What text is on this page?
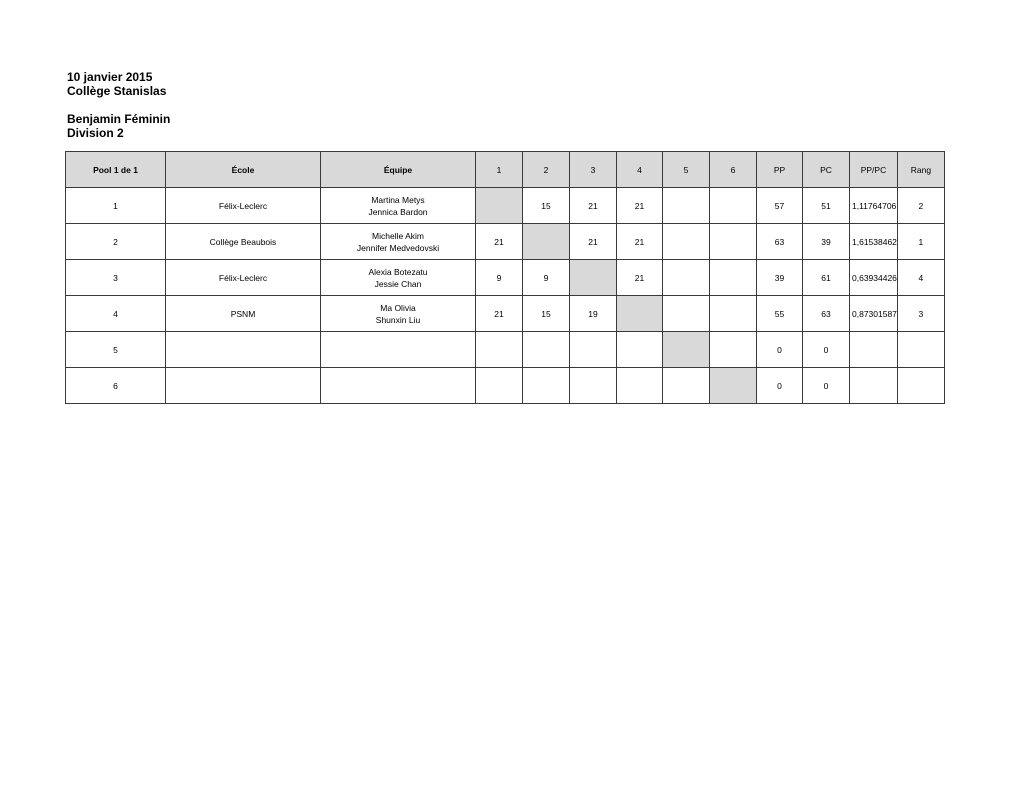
10 janvier 2015
Collège Stanislas
Benjamin Féminin
Division 2
Pool 1 de 1	École	Équipe	1	2	3	4	5	6	PP	PC	PP/PC	Rang
1	Félix-Leclerc	Martina Metys
Jennica Bardon		15	21	21			57	51	1,11764706	2
2	Collège Beaubois	Michelle Akim
Jennifer Medvedovski	21		21	21			63	39	1,61538462	1
3	Félix-Leclerc	Alexia Botezatu
Jessie Chan	9	9		21			39	61	0,63934426	4
4	PSNM	Ma Olivia
Shunxin Liu	21	15	19				55	63	0,87301587	3
5									0	0		
6									0	0		
